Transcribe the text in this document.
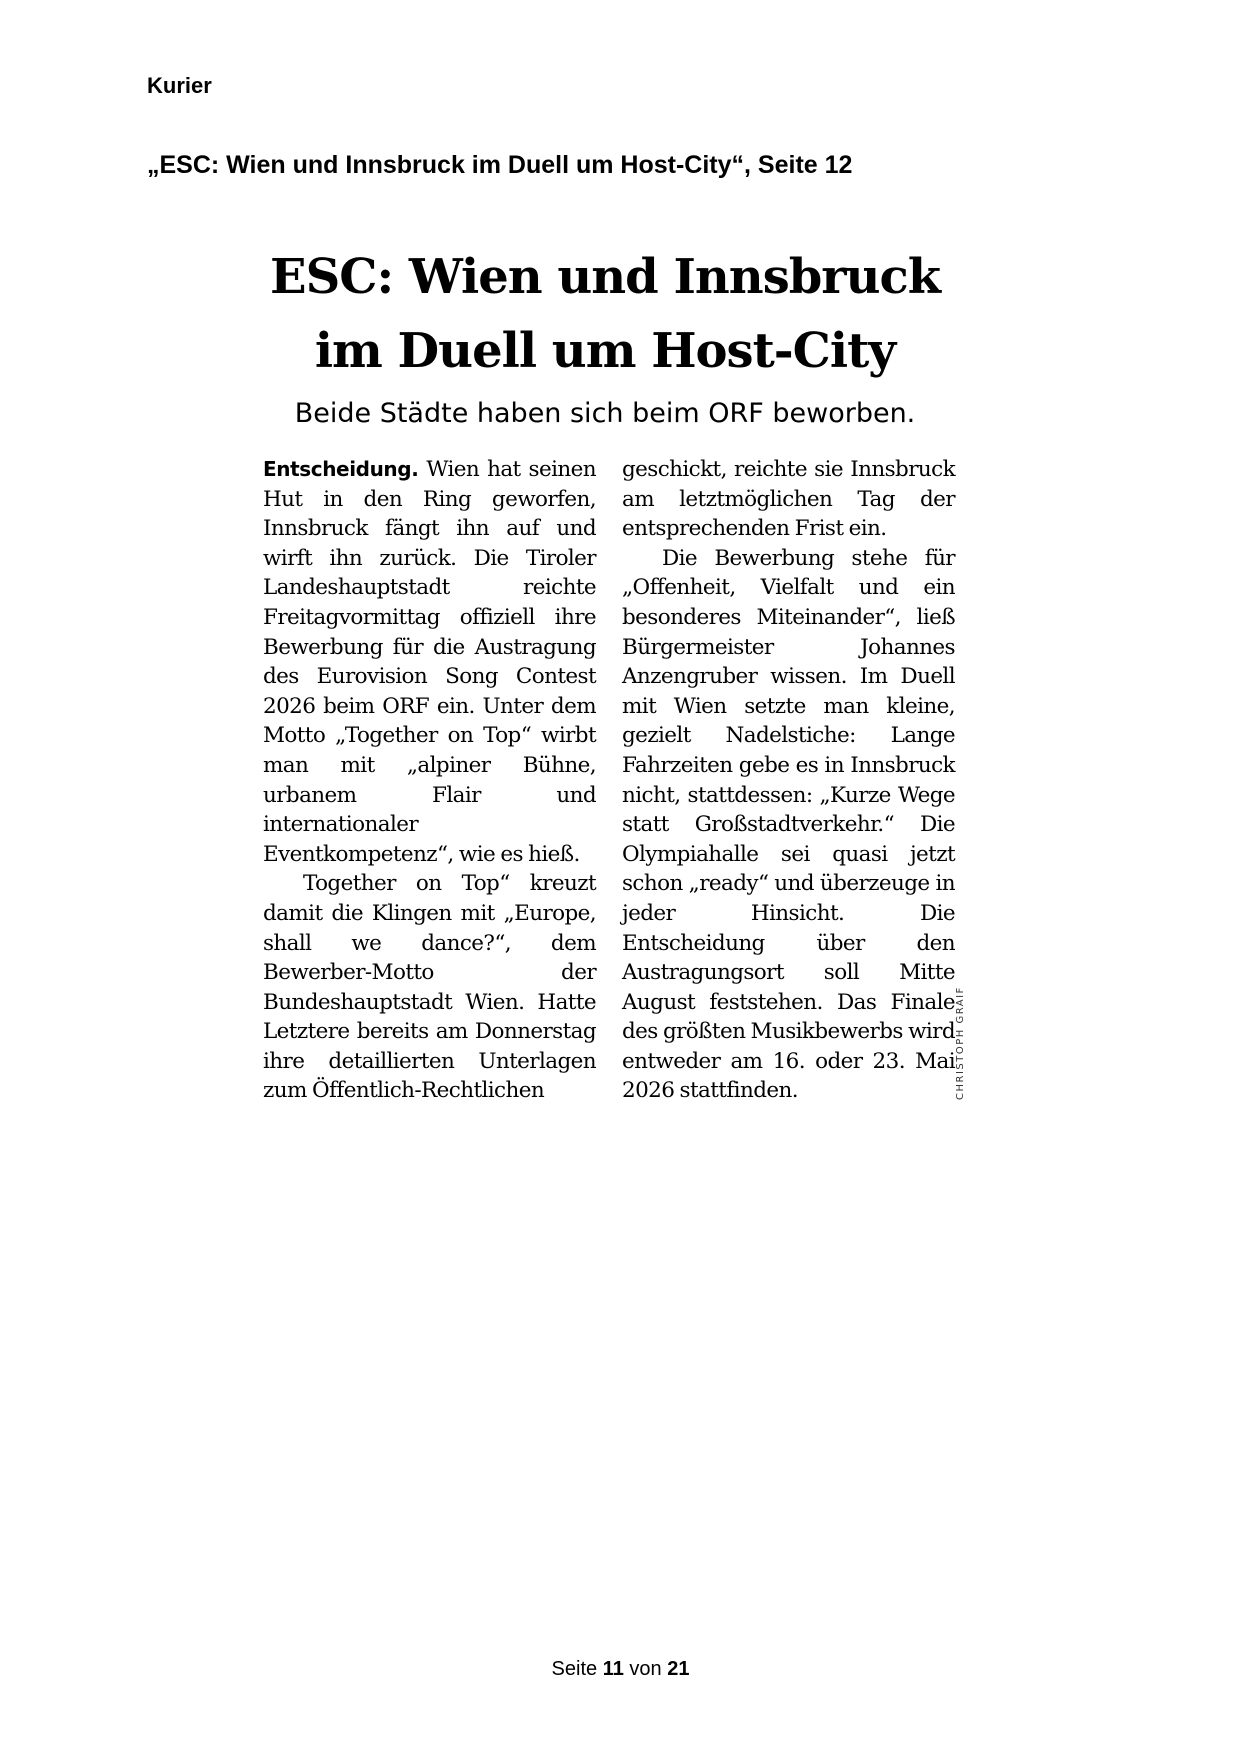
Kurier
„ESC: Wien und Innsbruck im Duell um Host-City“, Seite 12
ESC: Wien und Innsbruck
im Duell um Host-City
Beide Städte haben sich beim ORF beworben.

Entscheidung. Wien hat seinen Hut in den Ring geworfen, Innsbruck fängt ihn auf und wirft ihn zurück. Die Tiroler Landeshauptstadt reichte Freitagvormittag offiziell ihre Bewerbung für die Austragung des Eurovision Song Contest 2026 beim ORF ein. Unter dem Motto „Together on Top“ wirbt man mit „alpiner Bühne, urbanem Flair und internationaler Eventkompetenz“, wie es hieß.

Together on Top“ kreuzt damit die Klingen mit „Europe, shall we dance?“, dem Bewerber-Motto der Bundeshauptstadt Wien. Hatte Letztere bereits am Donnerstag ihre detaillierten Unterlagen zum Öffentlich-Rechtlichen

geschickt, reichte sie Innsbruck am letztmöglichen Tag der entsprechenden Frist ein.

Die Bewerbung stehe für „Offenheit, Vielfalt und ein besonderes Miteinander“, ließ Bürgermeister Johannes Anzengruber wissen. Im Duell mit Wien setzte man kleine, gezielt Nadelstiche: Lange Fahrzeiten gebe es in Innsbruck nicht, stattdessen: „Kurze Wege statt Großstadtverkehr.“ Die Olympiahalle sei quasi jetzt schon „ready“ und überzeuge in jeder Hinsicht. Die Entscheidung über den Austragungsort soll Mitte August feststehen. Das Finale des größten Musikbewerbs wird entweder am 16. oder 23. Mai 2026 stattfinden.	CHRISTOPH GRAIF
Seite 11 von 21
